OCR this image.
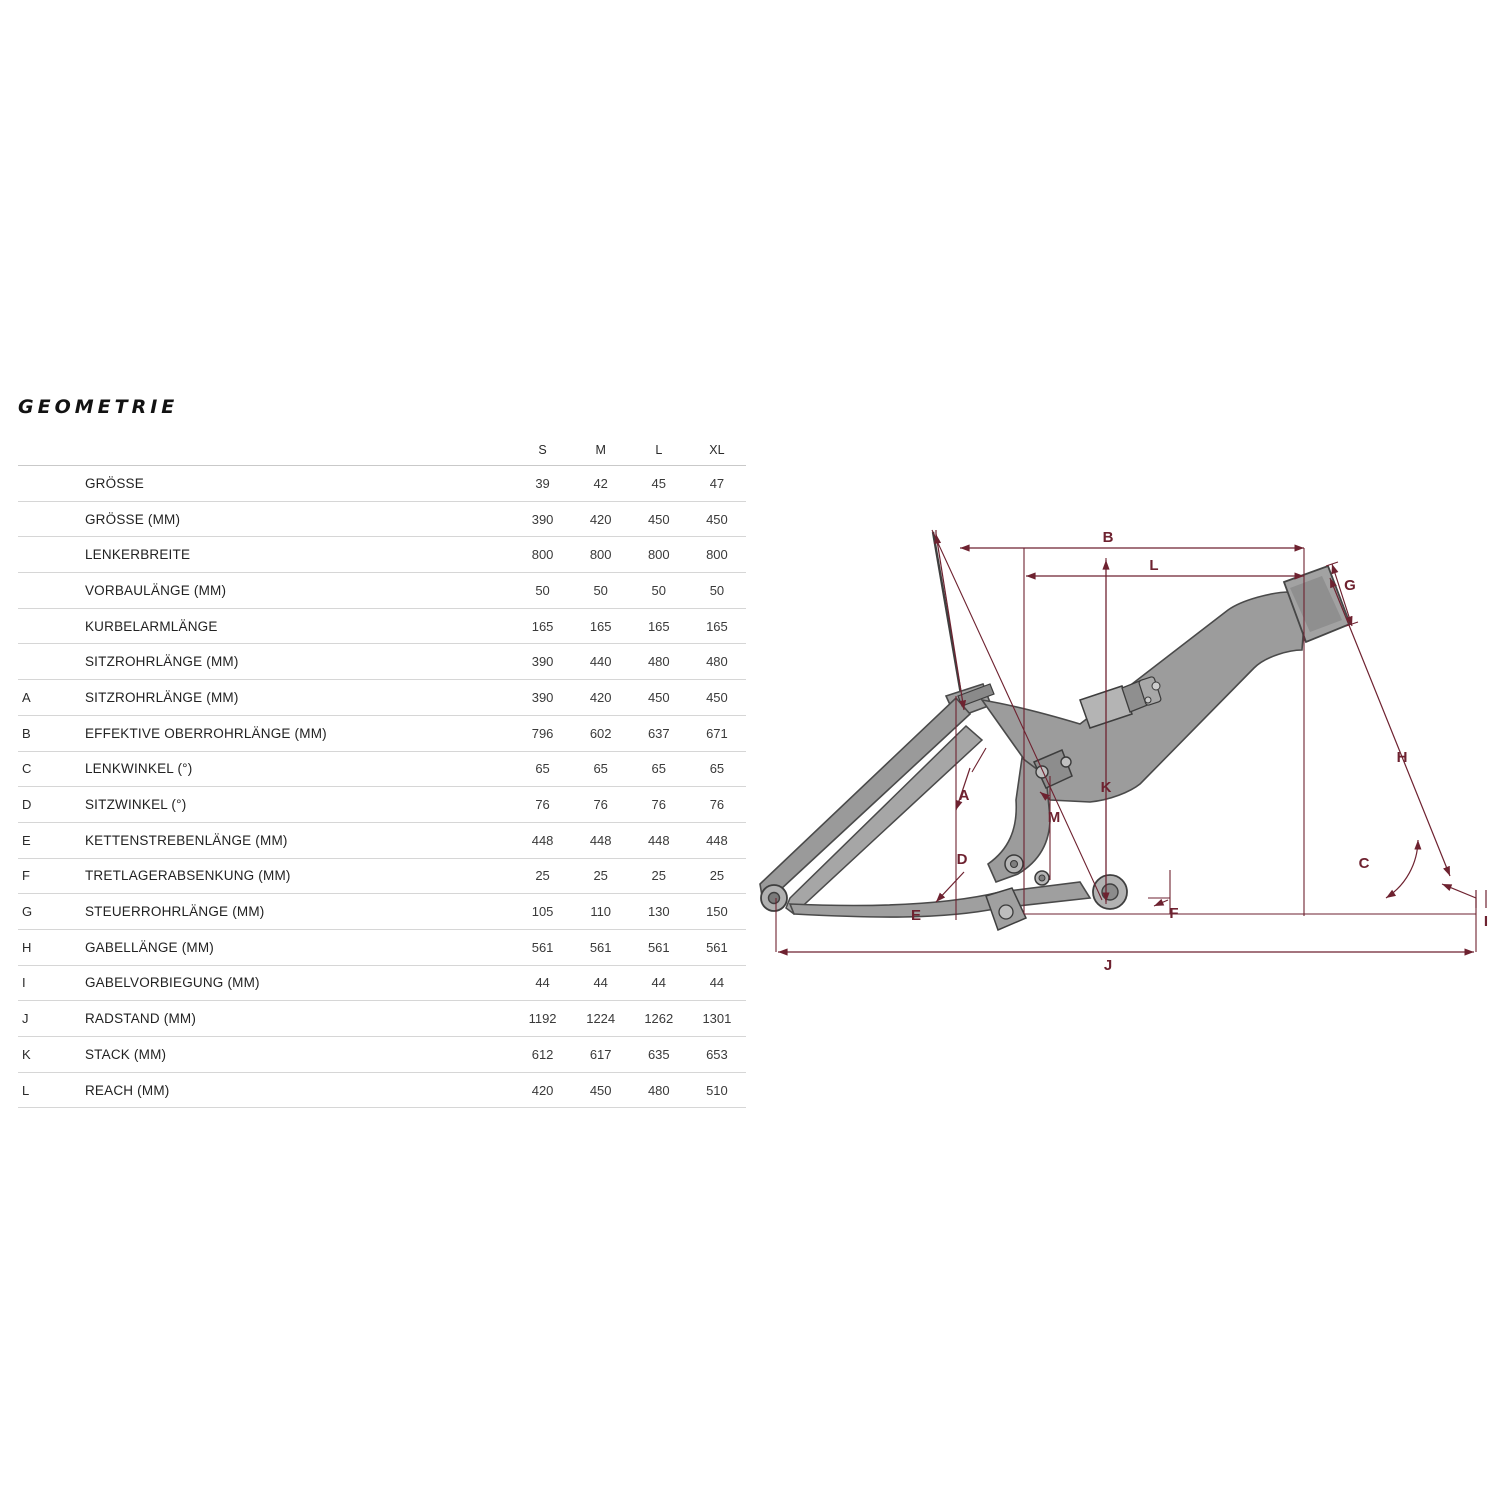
GEOMETRIE
		S	M	L	XL
	GRÖSSE	39	42	45	47
	GRÖSSE (MM)	390	420	450	450
	LENKERBREITE	800	800	800	800
	VORBAULÄNGE (MM)	50	50	50	50
	KURBELARMLÄNGE	165	165	165	165
	SITZROHRLÄNGE (MM)	390	440	480	480
A	SITZROHRLÄNGE (MM)	390	420	450	450
B	EFFEKTIVE OBERROHRLÄNGE (MM)	796	602	637	671
C	LENKWINKEL (°)	65	65	65	65
D	SITZWINKEL (°)	76	76	76	76
E	KETTENSTREBENLÄNGE (MM)	448	448	448	448
F	TRETLAGERABSENKUNG (MM)	25	25	25	25
G	STEUERROHRLÄNGE (MM)	105	110	130	150
H	GABELLÄNGE (MM)	561	561	561	561
I	GABELVORBIEGUNG (MM)	44	44	44	44
J	RADSTAND (MM)	1192	1224	1262	1301
K	STACK (MM)	612	617	635	653
L	REACH (MM)	420	450	480	510
B
L
G
H
K
A
M
C
D
E	F	I
J
